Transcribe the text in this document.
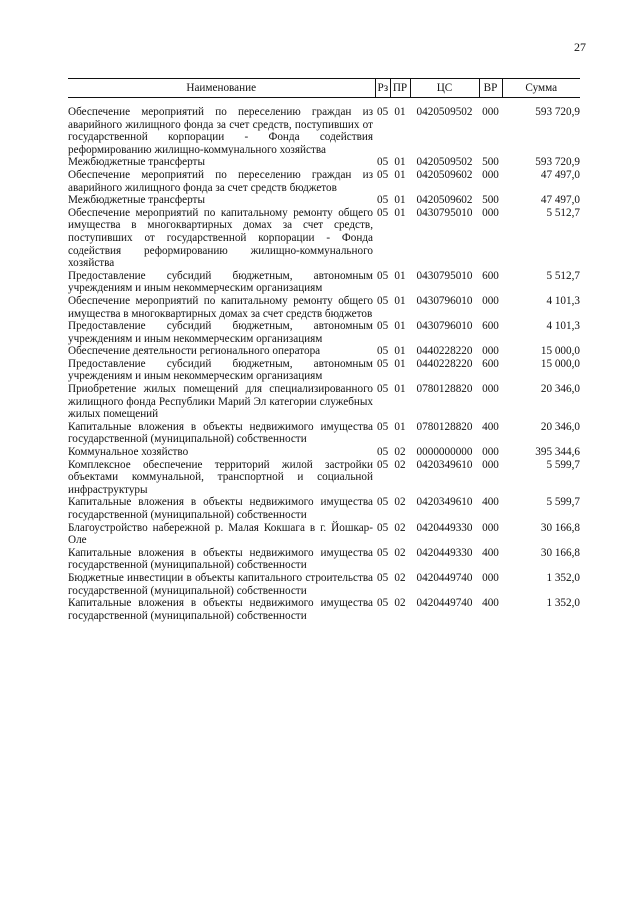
27
Наименование	Рз	ПР	ЦС	ВР	Сумма

Обеспечение мероприятий по переселению граждан из аварийного жилищного фонда за счет средств, поступивших от государственной корпорации - Фонда содействия реформированию жилищно-коммунального хозяйства	05	01	0420509502	000	593 720,9
Межбюджетные трансферты	05	01	0420509502	500	593 720,9
Обеспечение мероприятий по переселению граждан из аварийного жилищного фонда за счет средств бюджетов	05	01	0420509602	000	47 497,0
Межбюджетные трансферты	05	01	0420509602	500	47 497,0
Обеспечение мероприятий по капитальному ремонту общего имущества в многоквартирных домах за счет средств, поступивших от государственной корпорации - Фонда содействия реформированию жилищно-коммунального хозяйства	05	01	0430795010	000	5 512,7
Предоставление субсидий бюджетным, автономным учреждениям и иным некоммерческим организациям	05	01	0430795010	600	5 512,7
Обеспечение мероприятий по капитальному ремонту общего имущества в многоквартирных домах за счет средств бюджетов	05	01	0430796010	000	4 101,3
Предоставление субсидий бюджетным, автономным учреждениям и иным некоммерческим организациям	05	01	0430796010	600	4 101,3
Обеспечение деятельности регионального оператора	05	01	0440228220	000	15 000,0
Предоставление субсидий бюджетным, автономным учреждениям и иным некоммерческим организациям	05	01	0440228220	600	15 000,0
Приобретение жилых помещений для специализированного жилищного фонда Республики Марий Эл категории служебных жилых помещений	05	01	0780128820	000	20 346,0
Капитальные вложения в объекты недвижимого имущества государственной (муниципальной) собственности	05	01	0780128820	400	20 346,0
Коммунальное хозяйство	05	02	0000000000	000	395 344,6
Комплексное обеспечение территорий жилой застройки объектами коммунальной, транспортной и социальной инфраструктуры	05	02	0420349610	000	5 599,7
Капитальные вложения в объекты недвижимого имущества государственной (муниципальной) собственности	05	02	0420349610	400	5 599,7
Благоустройство набережной р. Малая Кокшага в г. Йошкар-Оле	05	02	0420449330	000	30 166,8
Капитальные вложения в объекты недвижимого имущества государственной (муниципальной) собственности	05	02	0420449330	400	30 166,8
Бюджетные инвестиции в объекты капитального строительства государственной (муниципальной) собственности	05	02	0420449740	000	1 352,0
Капитальные вложения в объекты недвижимого имущества государственной (муниципальной) собственности	05	02	0420449740	400	1 352,0
